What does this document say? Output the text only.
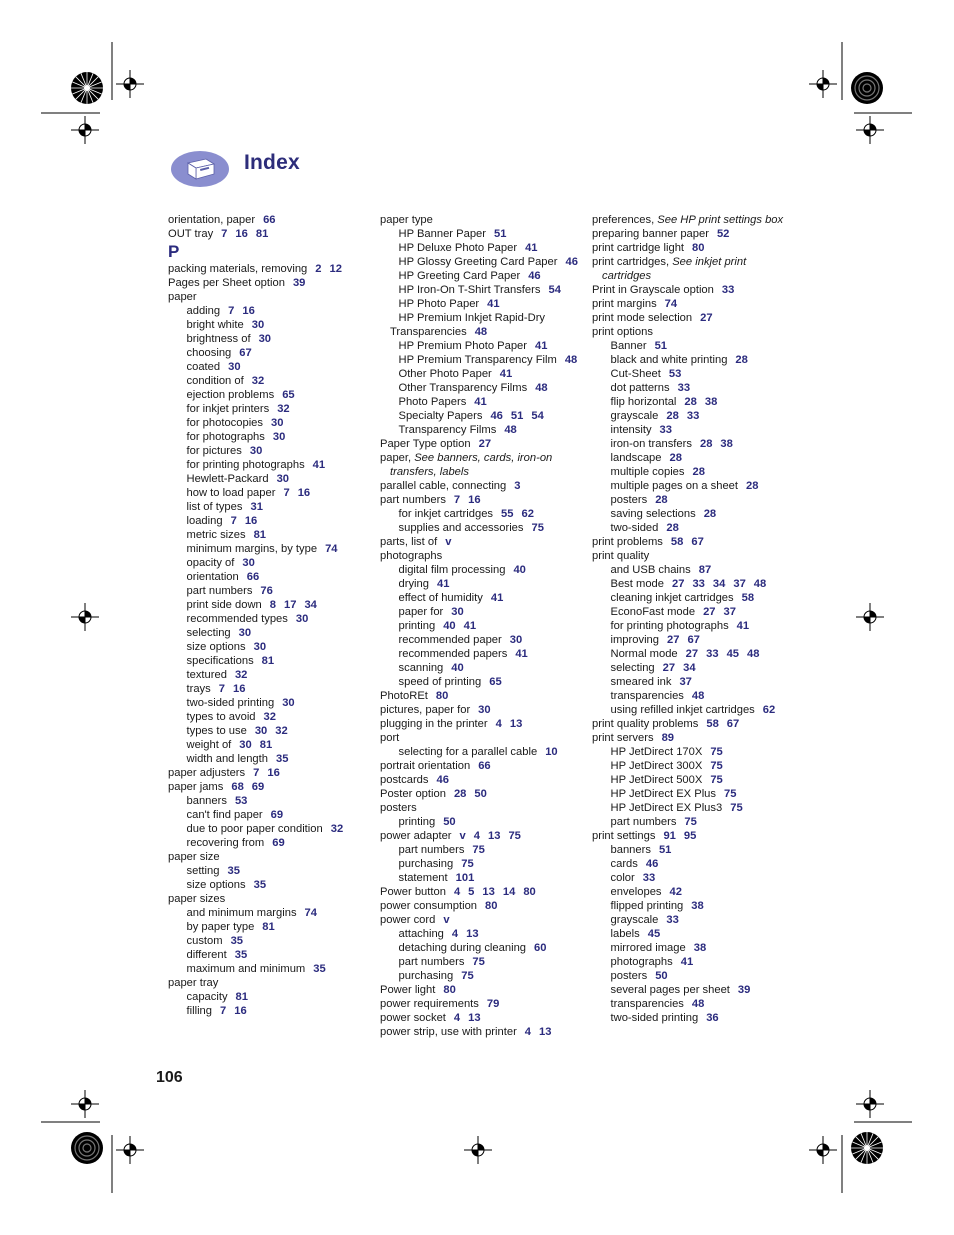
Index
orientation, paper 66
OUT tray 7 16 81
P
packing materials, removing 2 12
Pages per Sheet option 39
paper
adding 7 16
bright white 30
brightness of 30
choosing 67
coated 30
condition of 32
ejection problems 65
for inkjet printers 32
for photocopies 30
for photographs 30
for pictures 30
for printing photographs 41
Hewlett-Packard 30
how to load paper 7 16
list of types 31
loading 7 16
metric sizes 81
minimum margins, by type 74
opacity of 30
orientation 66
part numbers 76
print side down 8 17 34
recommended types 30
selecting 30
size options 30
specifications 81
textured 32
trays 7 16
two-sided printing 30
types to avoid 32
types to use 30 32
weight of 30 81
width and length 35
paper adjusters 7 16
paper jams 68 69
banners 53
can't find paper 69
due to poor paper condition 32
recovering from 69
paper size
setting 35
size options 35
paper sizes
and minimum margins 74
by paper type 81
custom 35
different 35
maximum and minimum 35
paper tray
capacity 81
filling 7 16
paper type
HP Banner Paper 51
HP Deluxe Photo Paper 41
HP Glossy Greeting Card Paper 46
HP Greeting Card Paper 46
HP Iron-On T-Shirt Transfers 54
HP Photo Paper 41
HP Premium Inkjet Rapid-Dry
Transparencies 48
HP Premium Photo Paper 41
HP Premium Transparency Film 48
Other Photo Paper 41
Other Transparency Films 48
Photo Papers 41
Specialty Papers 46 51 54
Transparency Films 48
Paper Type option 27
paper, See banners, cards, iron-on
transfers, labels
parallel cable, connecting 3
part numbers 7 16
for inkjet cartridges 55 62
supplies and accessories 75
parts, list of v
photographs
digital film processing 40
drying 41
effect of humidity 41
paper for 30
printing 40 41
recommended paper 30
recommended papers 41
scanning 40
speed of printing 65
PhotoREt 80
pictures, paper for 30
plugging in the printer 4 13
port
selecting for a parallel cable 10
portrait orientation 66
postcards 46
Poster option 28 50
posters
printing 50
power adapter v 4 13 75
part numbers 75
purchasing 75
statement 101
Power button 4 5 13 14 80
power consumption 80
power cord v
attaching 4 13
detaching during cleaning 60
part numbers 75
purchasing 75
Power light 80
power requirements 79
power socket 4 13
power strip, use with printer 4 13
preferences, See HP print settings box
preparing banner paper 52
print cartridge light 80
print cartridges, See inkjet print
cartridges
Print in Grayscale option 33
print margins 74
print mode selection 27
print options
Banner 51
black and white printing 28
Cut-Sheet 53
dot patterns 33
flip horizontal 28 38
grayscale 28 33
intensity 33
iron-on transfers 28 38
landscape 28
multiple copies 28
multiple pages on a sheet 28
posters 28
saving selections 28
two-sided 28
print problems 58 67
print quality
and USB chains 87
Best mode 27 33 34 37 48
cleaning inkjet cartridges 58
EconoFast mode 27 37
for printing photographs 41
improving 27 67
Normal mode 27 33 45 48
selecting 27 34
smeared ink 37
transparencies 48
using refilled inkjet cartridges 62
print quality problems 58 67
print servers 89
HP JetDirect 170X 75
HP JetDirect 300X 75
HP JetDirect 500X 75
HP JetDirect EX Plus 75
HP JetDirect EX Plus3 75
part numbers 75
print settings 91 95
banners 51
cards 46
color 33
envelopes 42
flipped printing 38
grayscale 33
labels 45
mirrored image 38
photographs 41
posters 50
several pages per sheet 39
transparencies 48
two-sided printing 36
106
